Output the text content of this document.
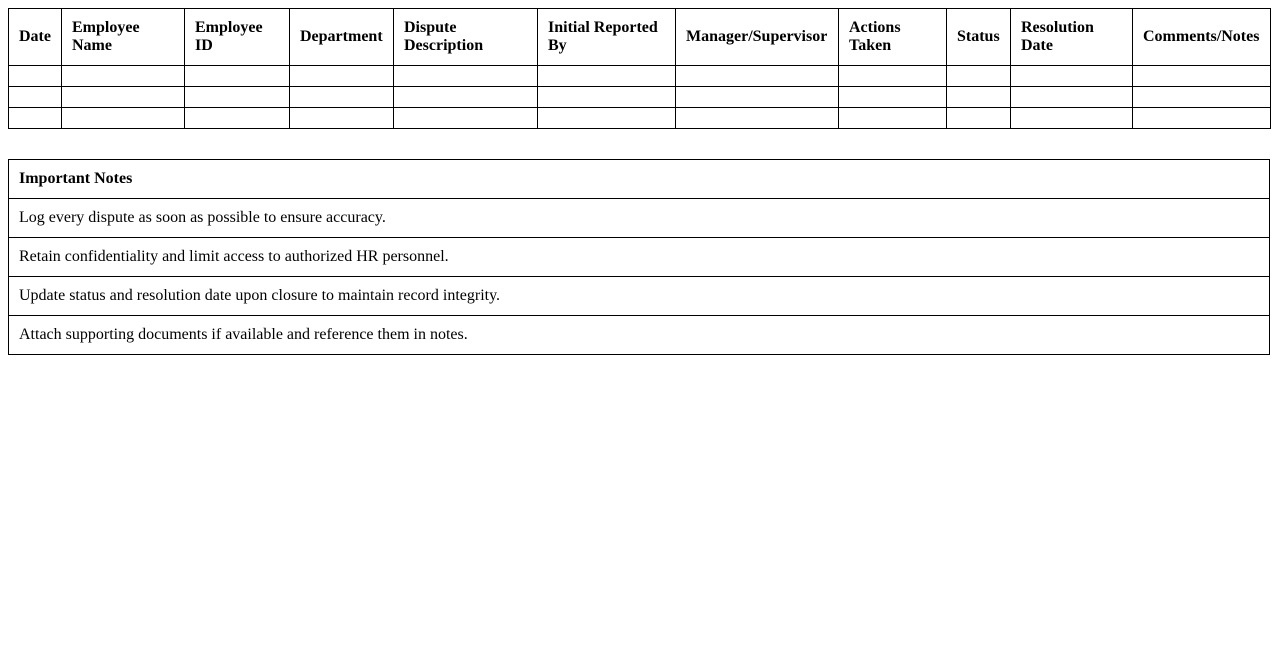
Date	Employee Name	Employee ID	Department	Dispute Description	Initial Reported By	Manager/Supervisor	Actions Taken	Status	Resolution Date	Comments/Notes

Important Notes
Log every dispute as soon as possible to ensure accuracy.
Retain confidentiality and limit access to authorized HR personnel.
Update status and resolution date upon closure to maintain record integrity.
Attach supporting documents if available and reference them in notes.
